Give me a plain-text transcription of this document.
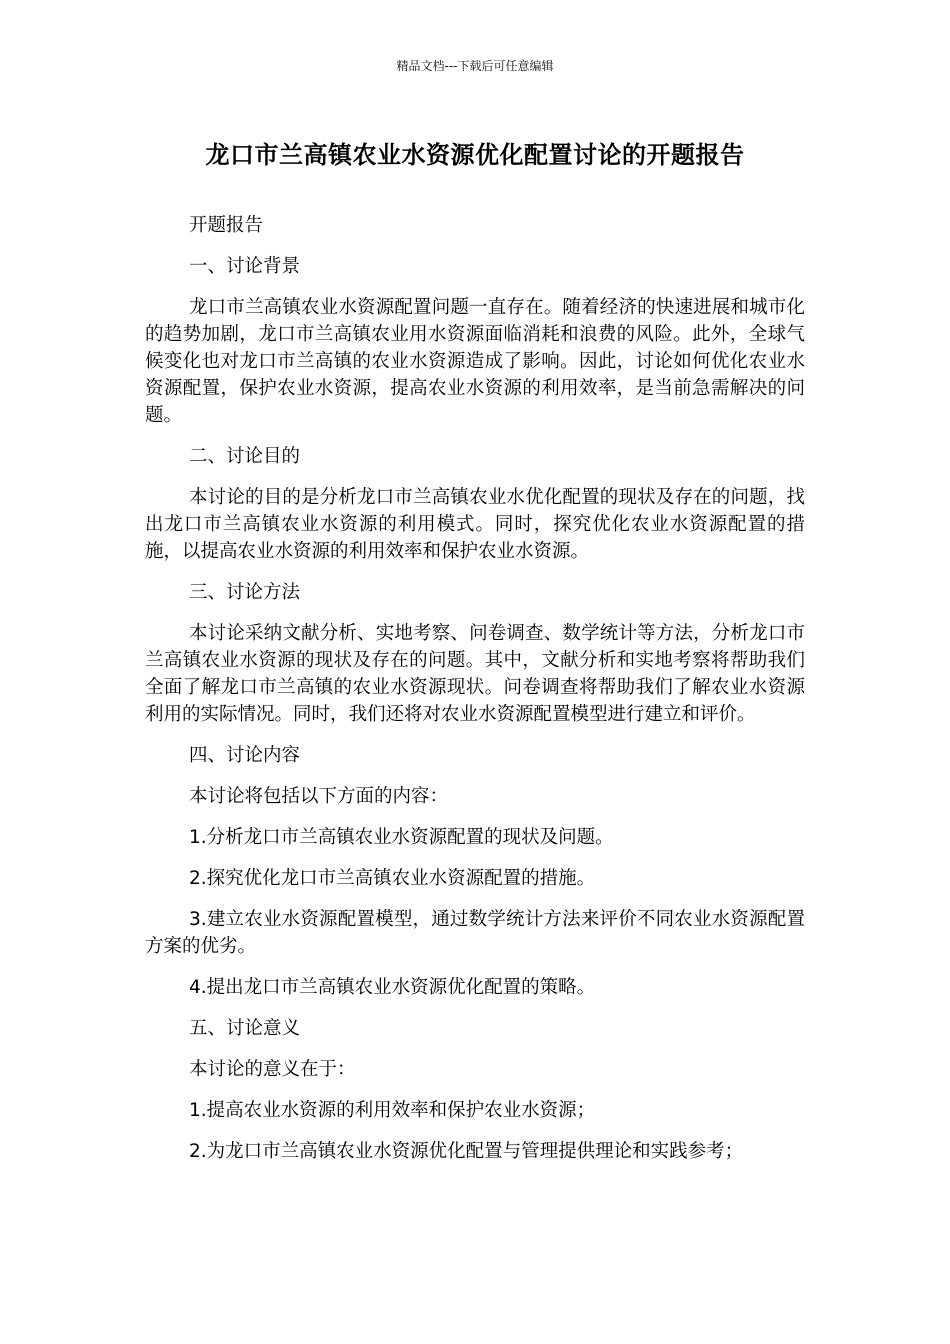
精品文档---下载后可任意编辑
龙口市兰高镇农业水资源优化配置讨论的开题报告

开题报告

一、讨论背景

龙口市兰高镇农业水资源配置问题一直存在。随着经济的快速进展和城市化的趋势加剧，龙口市兰高镇农业用水资源面临消耗和浪费的风险。此外，全球气候变化也对龙口市兰高镇的农业水资源造成了影响。因此，讨论如何优化农业水资源配置，保护农业水资源，提高农业水资源的利用效率，是当前急需解决的问题。

二、讨论目的

本讨论的目的是分析龙口市兰高镇农业水优化配置的现状及存在的问题，找出龙口市兰高镇农业水资源的利用模式。同时，探究优化农业水资源配置的措施，以提高农业水资源的利用效率和保护农业水资源。

三、讨论方法

本讨论采纳文献分析、实地考察、问卷调查、数学统计等方法，分析龙口市兰高镇农业水资源的现状及存在的问题。其中，文献分析和实地考察将帮助我们全面了解龙口市兰高镇的农业水资源现状。问卷调查将帮助我们了解农业水资源利用的实际情况。同时，我们还将对农业水资源配置模型进行建立和评价。

四、讨论内容

本讨论将包括以下方面的内容：

1.分析龙口市兰高镇农业水资源配置的现状及问题。

2.探究优化龙口市兰高镇农业水资源配置的措施。

3.建立农业水资源配置模型，通过数学统计方法来评价不同农业水资源配置方案的优劣。

4.提出龙口市兰高镇农业水资源优化配置的策略。

五、讨论意义

本讨论的意义在于：

1.提高农业水资源的利用效率和保护农业水资源；

2.为龙口市兰高镇农业水资源优化配置与管理提供理论和实践参考；
